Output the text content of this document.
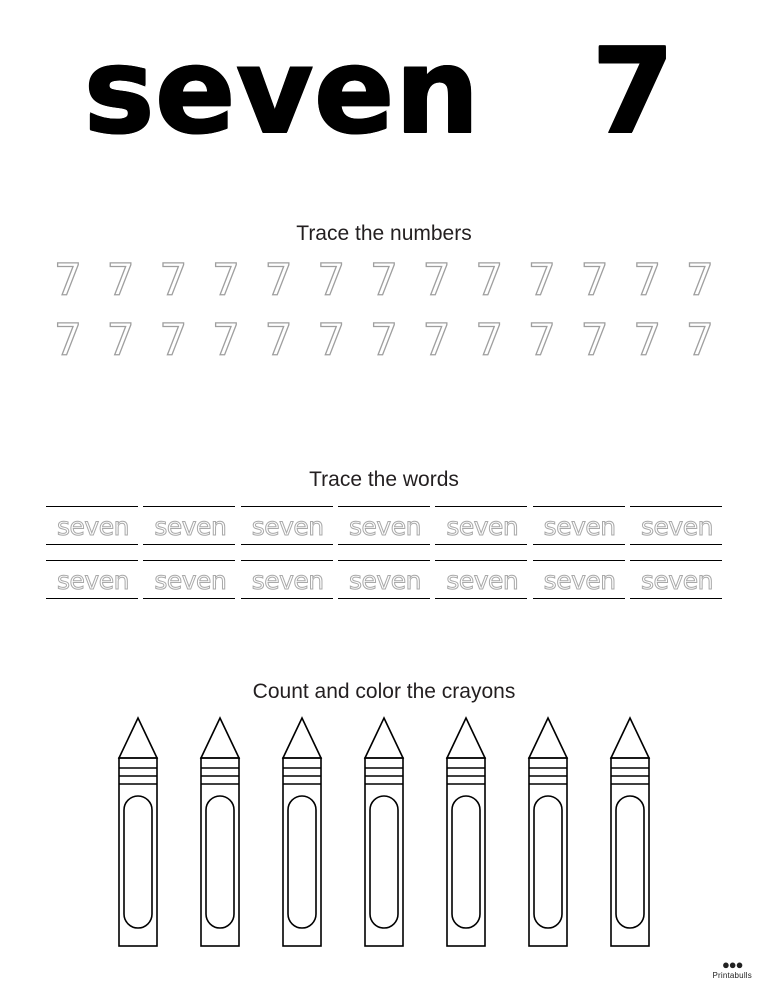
seven 7
Trace the numbers
7 7 7 7 7 7 7 7 7 7 7 7 7
7 7 7 7 7 7 7 7 7 7 7 7 7
Trace the words
seven	seven	seven	seven	seven	seven	seven
seven	seven	seven	seven	seven	seven	seven
Count and color the crayons
●●●
Printabulls
